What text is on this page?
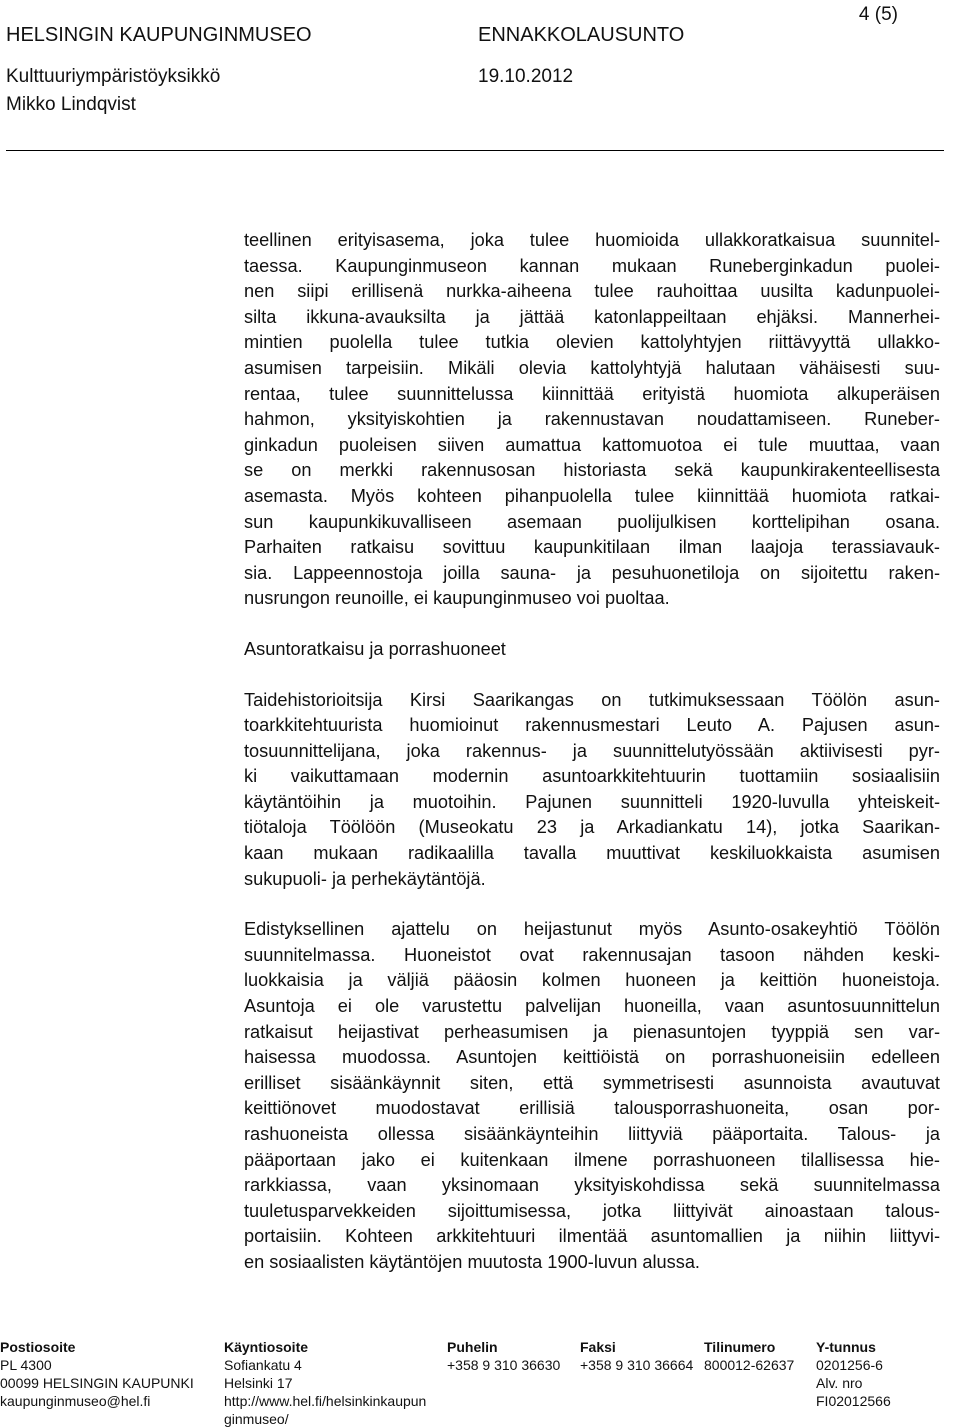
4 (5)
HELSINGIN KAUPUNGINMUSEO	ENNAKKOLAUSUNTO
Kulttuuriympäristöyksikkö	19.10.2012
Mikko Lindqvist

teellinen erityisasema, joka tulee huomioida ullakkoratkaisua suunnitel-
taessa. Kaupunginmuseon kannan mukaan Runeberginkadun puolei-
nen siipi erillisenä nurkka-aiheena tulee rauhoittaa uusilta kadunpuolei-
silta ikkuna-avauksilta ja jättää katonlappeiltaan ehjäksi. Mannerhei-
mintien puolella tulee tutkia olevien kattolyhtyjen riittävyyttä ullakko-
asumisen tarpeisiin. Mikäli olevia kattolyhtyjä halutaan vähäisesti suu-
rentaa, tulee suunnittelussa kiinnittää erityistä huomiota alkuperäisen
hahmon, yksityiskohtien ja rakennustavan noudattamiseen. Runeber-
ginkadun puoleisen siiven aumattua kattomuotoa ei tule muuttaa, vaan
se on merkki rakennusosan historiasta sekä kaupunkirakenteellisesta
asemasta. Myös kohteen pihanpuolella tulee kiinnittää huomiota ratkai-
sun kaupunkikuvalliseen asemaan puolijulkisen korttelipihan osana.
Parhaiten ratkaisu sovittuu kaupunkitilaan ilman laajoja terassiavauk-
sia. Lappeennostoja joilla sauna- ja pesuhuonetiloja on sijoitettu raken-
nusrungon reunoille, ei kaupunginmuseo voi puoltaa.

Asuntoratkaisu ja porrashuoneet

Taidehistorioitsija Kirsi Saarikangas on tutkimuksessaan Töölön asun-
toarkkitehtuurista huomioinut rakennusmestari Leuto A. Pajusen asun-
tosuunnittelijana, joka rakennus- ja suunnittelutyössään aktiivisesti pyr-
ki vaikuttamaan modernin asuntoarkkitehtuurin tuottamiin sosiaalisiin
käytäntöihin ja muotoihin. Pajunen suunnitteli 1920-luvulla yhteiskeit-
tiötaloja Töölöön (Museokatu 23 ja Arkadiankatu 14), jotka Saarikan-
kaan mukaan radikaalilla tavalla muuttivat keskiluokkaista asumisen
sukupuoli- ja perhekäytäntöjä.

Edistyksellinen ajattelu on heijastunut myös Asunto-osakeyhtiö Töölön
suunnitelmassa. Huoneistot ovat rakennusajan tasoon nähden keski-
luokkaisia ja väljiä pääosin kolmen huoneen ja keittiön huoneistoja.
Asuntoja ei ole varustettu palvelijan huoneilla, vaan asuntosuunnittelun
ratkaisut heijastivat perheasumisen ja pienasuntojen tyyppiä sen var-
haisessa muodossa. Asuntojen keittiöistä on porrashuoneisiin edelleen
erilliset sisäänkäynnit siten, että symmetrisesti asunnoista avautuvat
keittiönovet muodostavat erillisiä talousporrashuoneita, osan por-
rashuoneista ollessa sisäänkäynteihin liittyviä pääportaita. Talous- ja
pääportaan jako ei kuitenkaan ilmene porrashuoneen tilallisessa hie-
rarkkiassa, vaan yksinomaan yksityiskohdissa sekä suunnitelmassa
tuuletusparvekkeiden sijoittumisessa, jotka liittyivät ainoastaan talous-
portaisiin. Kohteen arkkitehtuuri ilmentää asuntomallien ja niihin liittyvi-
en sosiaalisten käytäntöjen muutosta 1900-luvun alussa.

Postiosoite
PL 4300
00099 HELSINGIN KAUPUNKI
kaupunginmuseo@hel.fi
Käyntiosoite
Sofiankatu 4
Helsinki 17
http://www.hel.fi/helsinkinkaupun
ginmuseo/
Puhelin
+358 9 310 36630
Faksi
+358 9 310 36664
Tilinumero
800012-62637
Y-tunnus
0201256-6
Alv. nro
FI02012566
